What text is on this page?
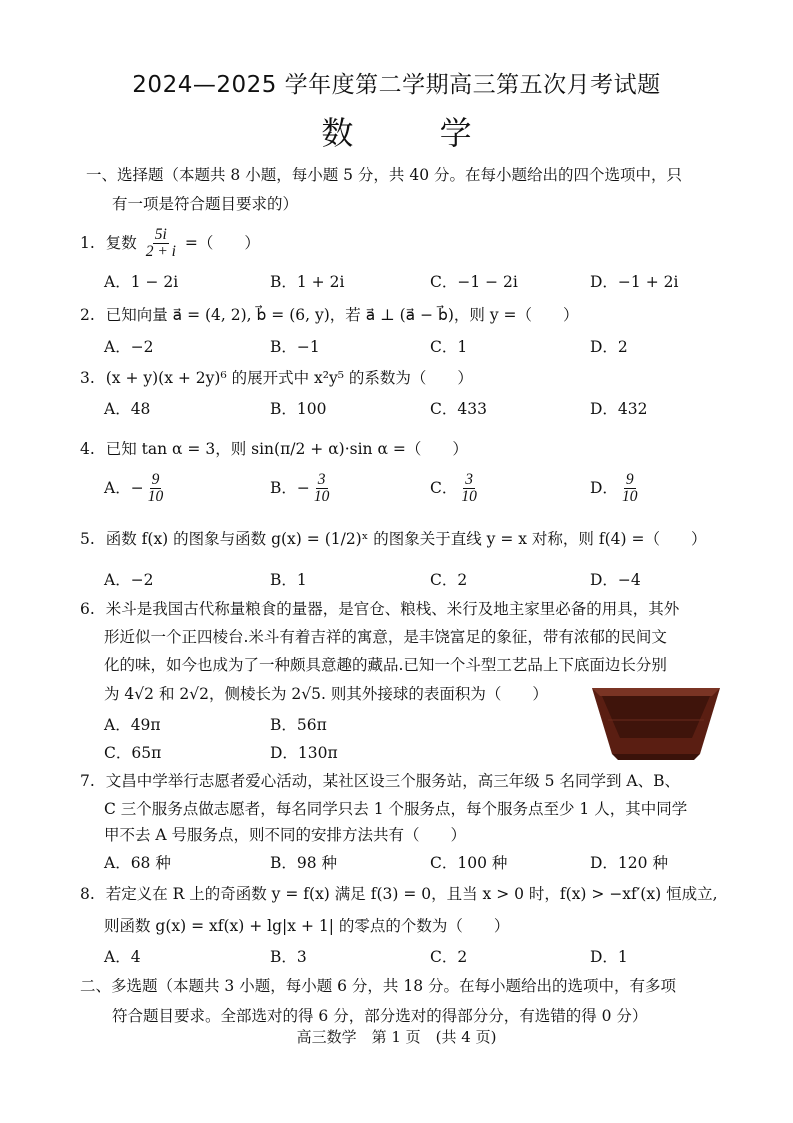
2024—2025 学年度第二学期高三第五次月考试题
数 学
一、选择题（本题共 8 小题，每小题 5 分，共 40 分。在每小题给出的四个选项中，只
有一项是符合题目要求的）
1. 复数 $\frac{5i}{2 + i}$ =（　　）
A．1 − 2i	B．1 + 2i	C．−1 − 2i	D．−1 + 2i
2. 已知向量 a⃗ = (4, 2), b⃗ = (6, y)，若 a⃗ ⊥ (a⃗ − b⃗)，则 y =（　　）
A．−2	B．−1	C．1	D．2
3. (x + y)(x + 2y)⁶ 的展开式中 x²y⁵ 的系数为（　　）
A．48	B．100	C．433	D．432
4. 已知 tan α = 3，则 sin(π/2 + α)·sin α =（　　）
A．− $\frac{9}{10}$	B．− $\frac{3}{10}$	C． $\frac{3}{10}$	D． $\frac{9}{10}$
5. 函数 f(x) 的图象与函数 g(x) = (1/2)ˣ 的图象关于直线 y = x 对称，则 f(4) =（　　）
A．−2	B．1	C．2	D．−4
6. 米斗是我国古代称量粮食的量器，是官仓、粮栈、米行及地主家里必备的用具，其外
形近似一个正四棱台.米斗有着吉祥的寓意，是丰饶富足的象征，带有浓郁的民间文
化的味，如今也成为了一种颇具意趣的藏品.已知一个斗型工艺品上下底面边长分别
为 4√2 和 2√2，侧棱长为 2√5. 则其外接球的表面积为（　　）
A．49π	B．56π
C．65π	D．130π
7. 文昌中学举行志愿者爱心活动，某社区设三个服务站，高三年级 5 名同学到 A、B、
C 三个服务点做志愿者，每名同学只去 1 个服务点，每个服务点至少 1 人，其中同学
甲不去 A 号服务点，则不同的安排方法共有（　　）
A．68 种	B．98 种	C．100 种	D．120 种
8. 若定义在 R 上的奇函数 y = f(x) 满足 f(3) = 0，且当 x > 0 时，f(x) > −xf′(x) 恒成立,
则函数 g(x) = xf(x) + lg|x + 1| 的零点的个数为（　　）
A．4	B．3	C．2	D．1
二、多选题（本题共 3 小题，每小题 6 分，共 18 分。在每小题给出的选项中，有多项
符合题目要求。全部选对的得 6 分，部分选对的得部分分，有选错的得 0 分）
高三数学　第 1 页　(共 4 页)
